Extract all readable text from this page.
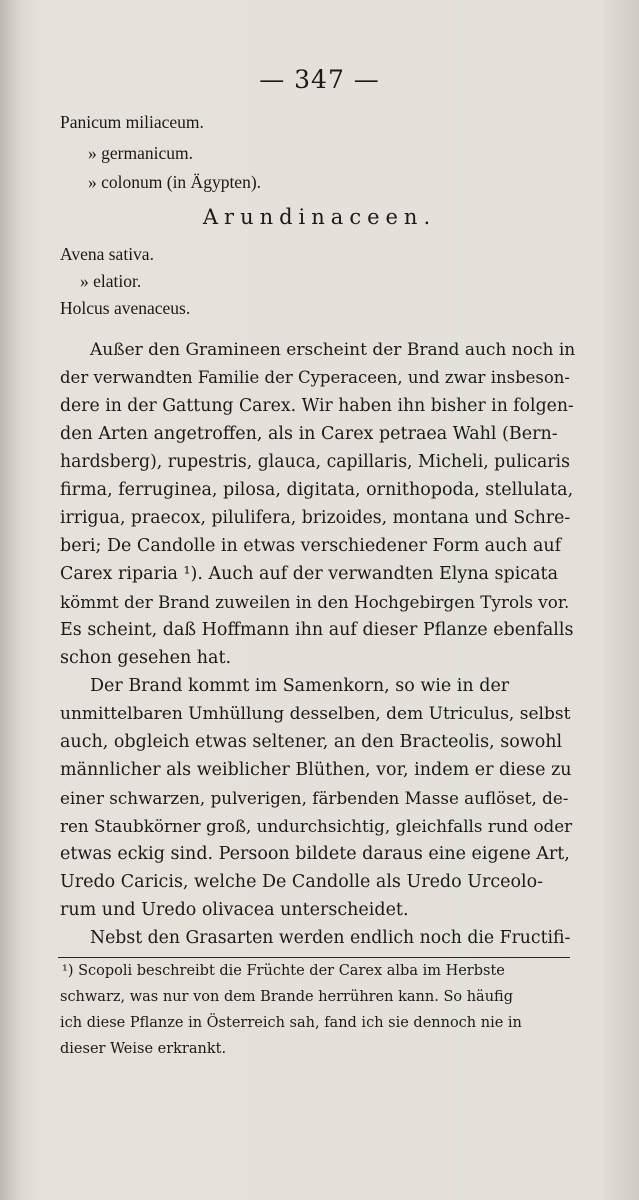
— 347 —
Panicum miliaceum.
» germanicum.
» colonum (in Ägypten).
Arundinaceen.
Avena sativa.
» elatior.
Holcus avenaceus.
Außer den Gramineen erscheint der Brand auch noch in
der verwandten Familie der Cyperaceen, und zwar insbeson-
dere in der Gattung Carex. Wir haben ihn bisher in folgen-
den Arten angetroffen, als in Carex petraea Wahl (Bern-
hardsberg), rupestris, glauca, capillaris, Micheli, pulicaris
firma, ferruginea, pilosa, digitata, ornithopoda, stellulata,
irrigua, praecox, pilulifera, brizoides, montana und Schre-
beri; De Candolle in etwas verschiedener Form auch auf
Carex riparia ¹). Auch auf der verwandten Elyna spicata
kömmt der Brand zuweilen in den Hochgebirgen Tyrols vor.
Es scheint, daß Hoffmann ihn auf dieser Pflanze ebenfalls
schon gesehen hat.
Der Brand kommt im Samenkorn, so wie in der
unmittelbaren Umhüllung desselben, dem Utriculus, selbst
auch, obgleich etwas seltener, an den Bracteolis, sowohl
männlicher als weiblicher Blüthen, vor, indem er diese zu
einer schwarzen, pulverigen, färbenden Masse auflöset, de-
ren Staubkörner groß, undurchsichtig, gleichfalls rund oder
etwas eckig sind. Persoon bildete daraus eine eigene Art,
Uredo Caricis, welche De Candolle als Uredo Urceolo-
rum und Uredo olivacea unterscheidet.
Nebst den Grasarten werden endlich noch die Fructifi-
¹) Scopoli beschreibt die Früchte der Carex alba im Herbste
schwarz, was nur von dem Brande herrühren kann. So häufig
ich diese Pflanze in Österreich sah, fand ich sie dennoch nie in
dieser Weise erkrankt.
